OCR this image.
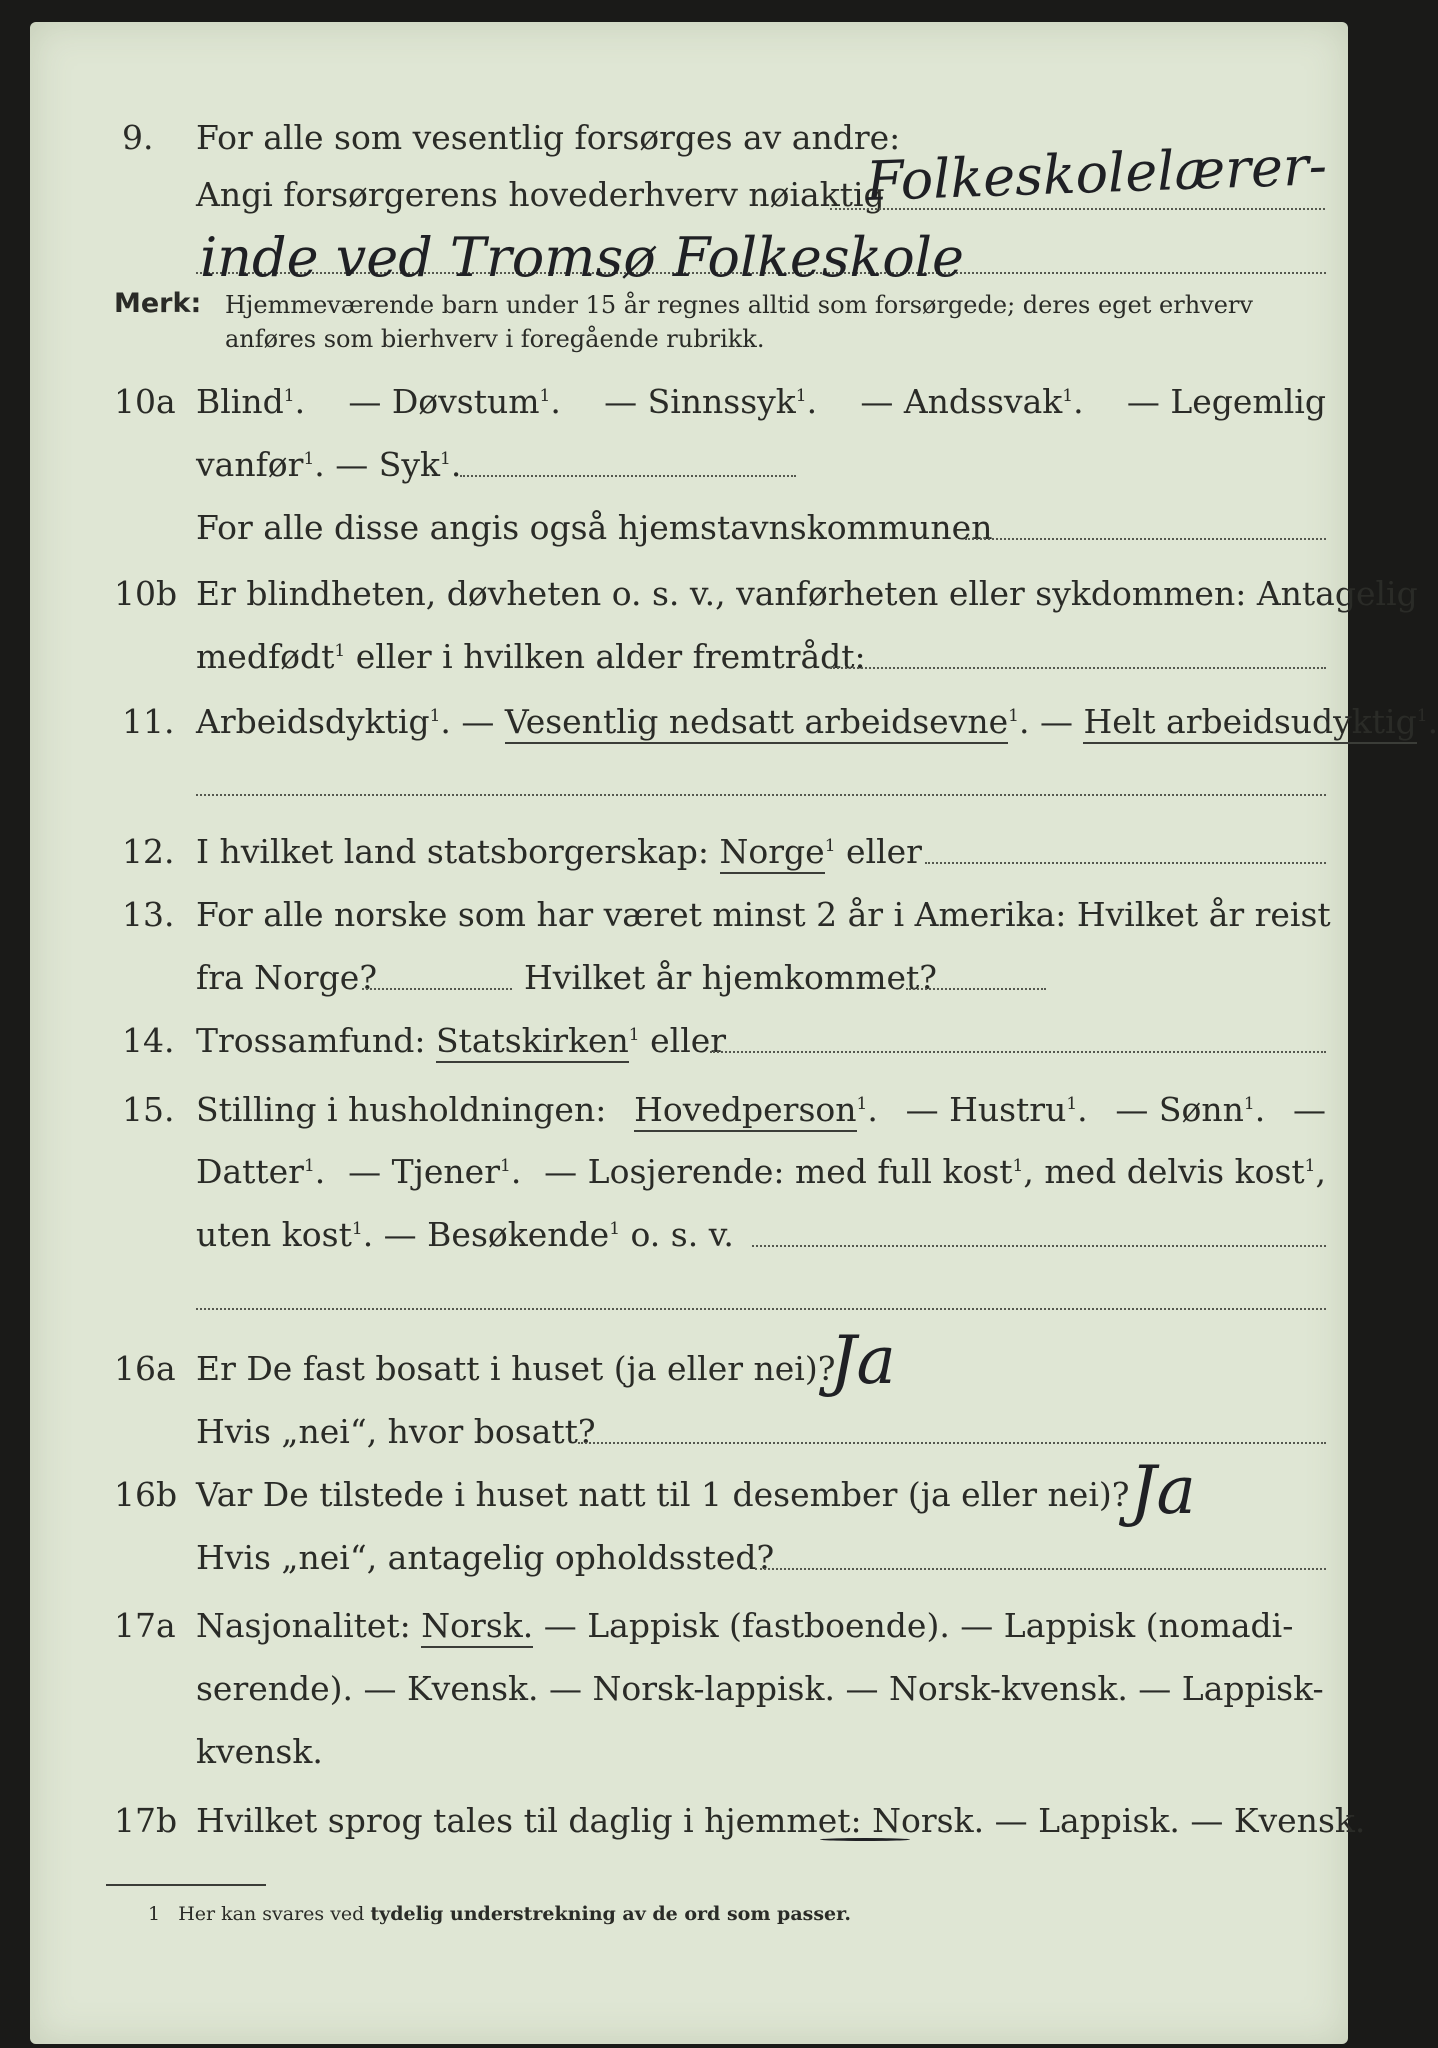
9. For alle som vesentlig forsørges av andre:
Angi forsørgerens hovederhverv nøiaktig
Folkeskolelærer-
inde ved Tromsø Folkeskole
Merk: Hjemmeværende barn under 15 år regnes alltid som forsørgede; deres eget erhverv
anføres som bierhverv i foregående rubrikk.
10a Blind$^1$. — Døvstum$^1$. — Sinnssyk$^1$. — Andssvak$^1$. — Legemlig
vanfør$^1$. — Syk$^1$.
For alle disse angis også hjemstavnskommunen
10b Er blindheten, døvheten o. s. v., vanførheten eller sykdommen: Antagelig
medfødt$^1$ eller i hvilken alder fremtrådt:
11. Arbeidsdyktig$^1$. — Vesentlig nedsatt arbeidsevne$^1$. — Helt arbeidsudyktig$^1$.
12. I hvilket land statsborgerskap: Norge$^1$ eller
13. For alle norske som har været minst 2 år i Amerika: Hvilket år reist
fra Norge?	Hvilket år hjemkommet?
14. Trossamfund: Statskirken$^1$ eller
15. Stilling i husholdningen: Hovedperson$^1$. — Hustru$^1$. — Sønn$^1$. —
Datter$^1$. — Tjener$^1$. — Losjerende: med full kost$^1$, med delvis kost$^1$,
uten kost$^1$. — Besøkende$^1$ o. s. v.
16a Er De fast bosatt i huset (ja eller nei)?
Ja
Hvis „nei“, hvor bosatt?
16b Var De tilstede i huset natt til 1 desember (ja eller nei)? Ja
Hvis „nei“, antagelig opholdssted?
17a Nasjonalitet: Norsk. — Lappisk (fastboende). — Lappisk (nomadi-
serende). — Kvensk. — Norsk-lappisk. — Norsk-kvensk. — Lappisk-
kvensk.
17b Hvilket sprog tales til daglig i hjemmet: Norsk. — Lappisk. — Kvensk.
1 Her kan svares ved tydelig understrekning av de ord som passer.
